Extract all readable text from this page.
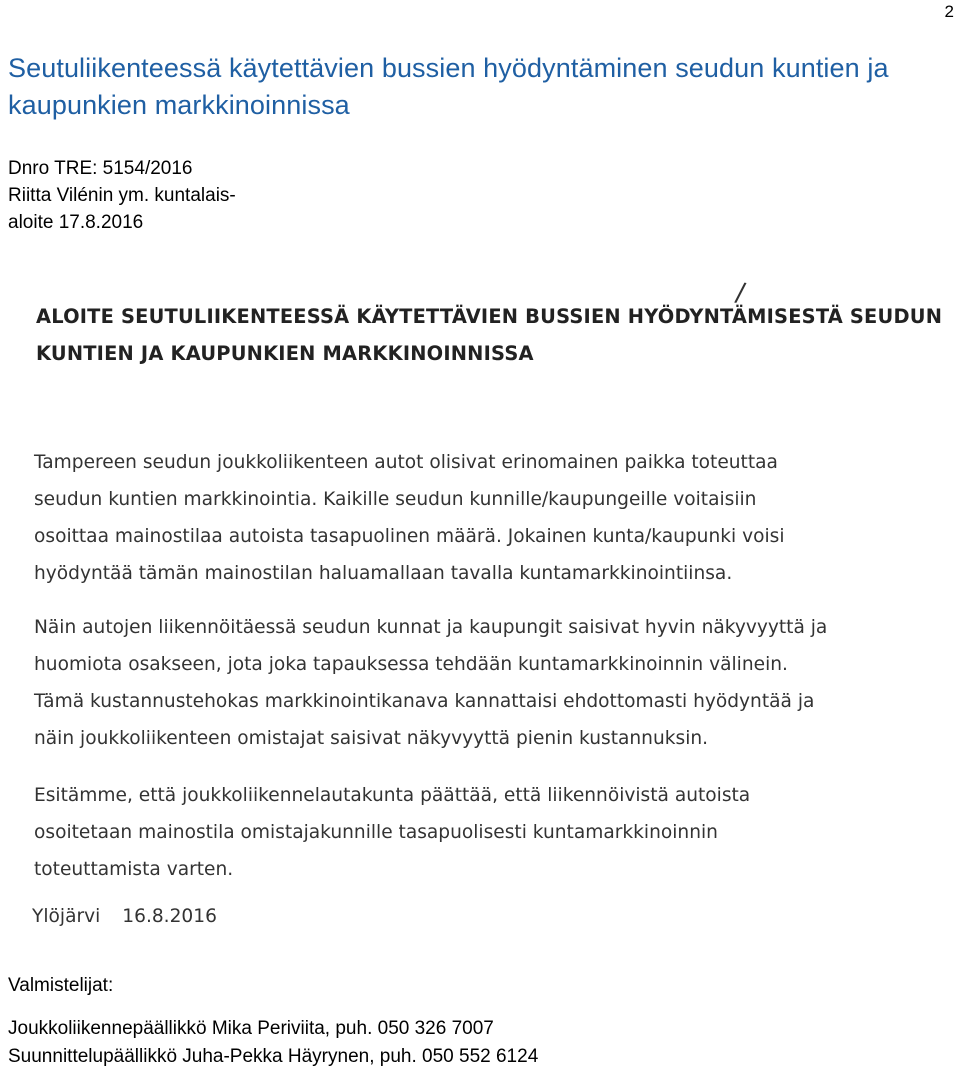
2
Seutuliikenteessä käytettävien bussien hyödyntäminen seudun kuntien ja kaupunkien markkinoinnissa
Dnro TRE: 5154/2016
Riitta Vilénin ym. kuntalais-
aloite 17.8.2016
/
ALOITE SEUTULIIKENTEESSÄ KÄYTETTÄVIEN BUSSIEN HYÖDYNTÄMISESTÄ SEUDUN
KUNTIEN JA KAUPUNKIEN MARKKINOINNISSA
Tampereen seudun joukkoliikenteen autot olisivat erinomainen paikka toteuttaa
seudun kuntien markkinointia. Kaikille seudun kunnille/kaupungeille voitaisiin
osoittaa mainostilaa autoista tasapuolinen määrä. Jokainen kunta/kaupunki voisi
hyödyntää tämän mainostilan haluamallaan tavalla kuntamarkkinointiinsa.
Näin autojen liikennöitäessä seudun kunnat ja kaupungit saisivat hyvin näkyvyyttä ja
huomiota osakseen, jota joka tapauksessa tehdään kuntamarkkinoinnin välinein.
Tämä kustannustehokas markkinointikanava kannattaisi ehdottomasti hyödyntää ja
näin joukkoliikenteen omistajat saisivat näkyvyyttä pienin kustannuksin.
Esitämme, että joukkoliikennelautakunta päättää, että liikennöivistä autoista
osoitetaan mainostila omistajakunnille tasapuolisesti kuntamarkkinoinnin
toteuttamista varten.
Ylöjärvi 16.8.2016
Valmistelijat:
Joukkoliikennepäällikkö Mika Periviita, puh. 050 326 7007
Suunnittelupäällikkö Juha-Pekka Häyrynen, puh. 050 552 6124
